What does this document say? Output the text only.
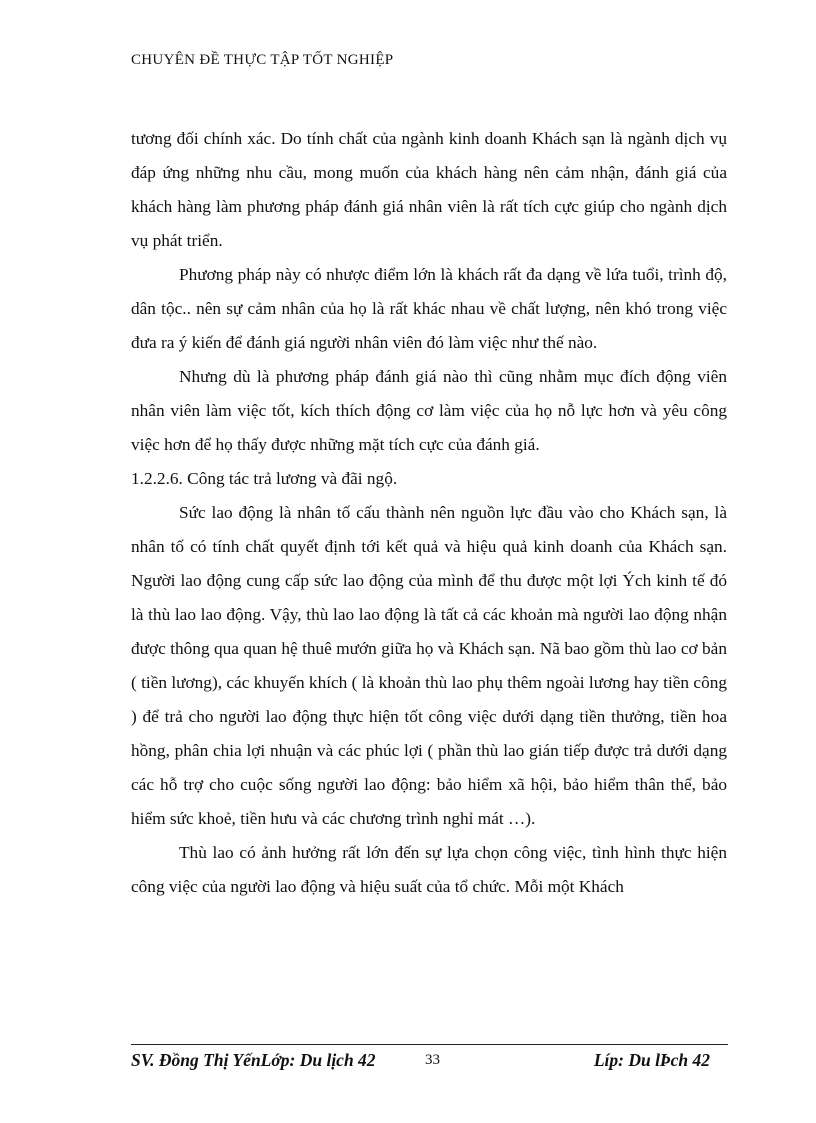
CHUYÊN ĐỀ THỰC TẬP TỐT NGHIỆP

tương đối chính xác. Do tính chất của ngành kinh doanh Khách sạn là ngành dịch vụ đáp ứng những nhu cầu, mong muốn của khách hàng nên cảm nhận, đánh giá của khách hàng làm phương pháp đánh giá nhân viên là rất tích cực giúp cho ngành dịch vụ phát triển.

Phương pháp này có nhược điểm lớn là khách rất đa dạng về lứa tuổi, trình độ, dân tộc.. nên sự cảm nhân của họ là rất khác nhau về chất lượng, nên khó trong việc đưa ra ý kiến để đánh giá người nhân viên đó làm việc như thế nào.

Nhưng dù là phương pháp đánh giá nào thì cũng nhằm mục đích động viên nhân viên làm việc tốt, kích thích động cơ làm việc của họ nỗ lực hơn và yêu công việc hơn để họ thấy được những mặt tích cực của đánh giá.

1.2.2.6. Công tác trả lương và đãi ngộ.

Sức lao động là nhân tố cấu thành nên nguồn lực đầu vào cho Khách sạn, là nhân tố có tính chất quyết định tới kết quả và hiệu quả kinh doanh của Khách sạn. Người lao động cung cấp sức lao động của mình để thu được một lợi Ých kinh tế đó là thù lao lao động. Vậy, thù lao lao động là tất cả các khoản mà người lao động nhận được thông qua quan hệ thuê mướn giữa họ và Khách sạn. Nã bao gồm thù lao cơ bản ( tiền lương), các khuyến khích ( là khoản thù lao phụ thêm ngoài lương hay tiền công ) để trả cho người lao động thực hiện tốt công việc dưới dạng tiền thưởng, tiền hoa hồng, phân chia lợi nhuận và các phúc lợi ( phần thù lao gián tiếp được trả dưới dạng các hỗ trợ cho cuộc sống người lao động: bảo hiểm xã hội, bảo hiểm thân thể, bảo hiểm sức khoẻ, tiền hưu và các chương trình nghỉ mát …).

Thù lao có ảnh hưởng rất lớn đến sự lựa chọn công việc, tình hình thực hiện công việc của người lao động và hiệu suất của tổ chức. Mỗi một Khách

SV. Đồng Thị YếnLớp: Du lịch 42	33	Líp: Du lÞch 42
